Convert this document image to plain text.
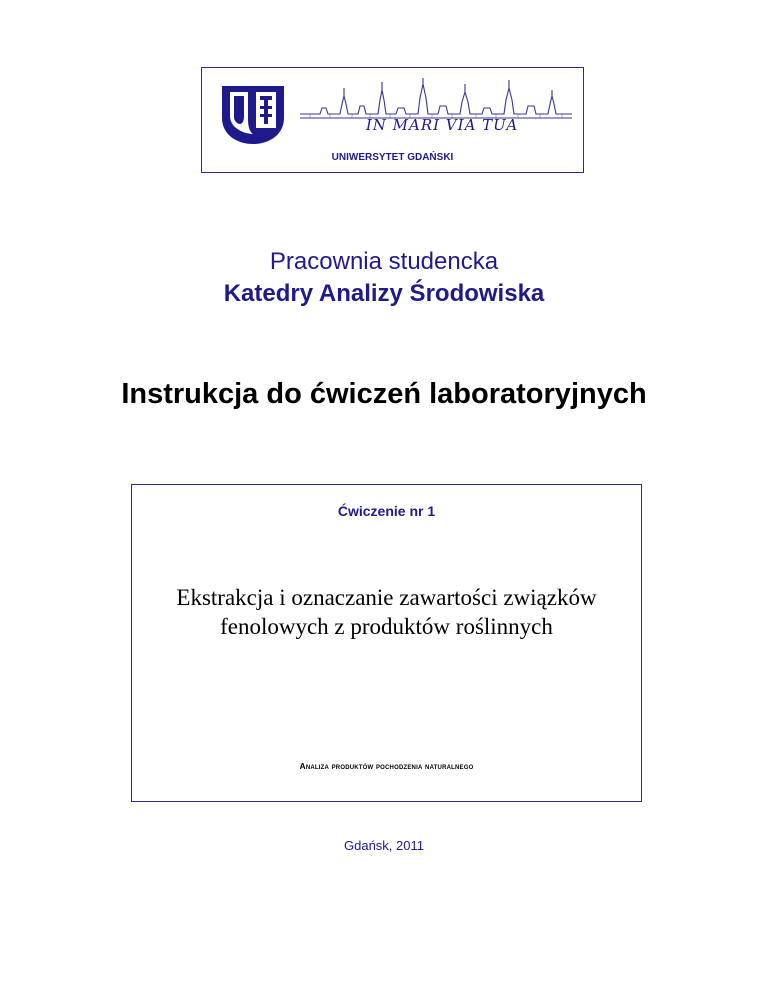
IN MARI VIA TUA
UNIWERSYTET GDAŃSKI
Pracownia studencka
Katedry Analizy Środowiska
Instrukcja do ćwiczeń laboratoryjnych
Ćwiczenie nr 1
Ekstrakcja i oznaczanie zawartości związków fenolowych z produktów roślinnych
Analiza produktów pochodzenia naturalnego
Gdańsk, 2011
